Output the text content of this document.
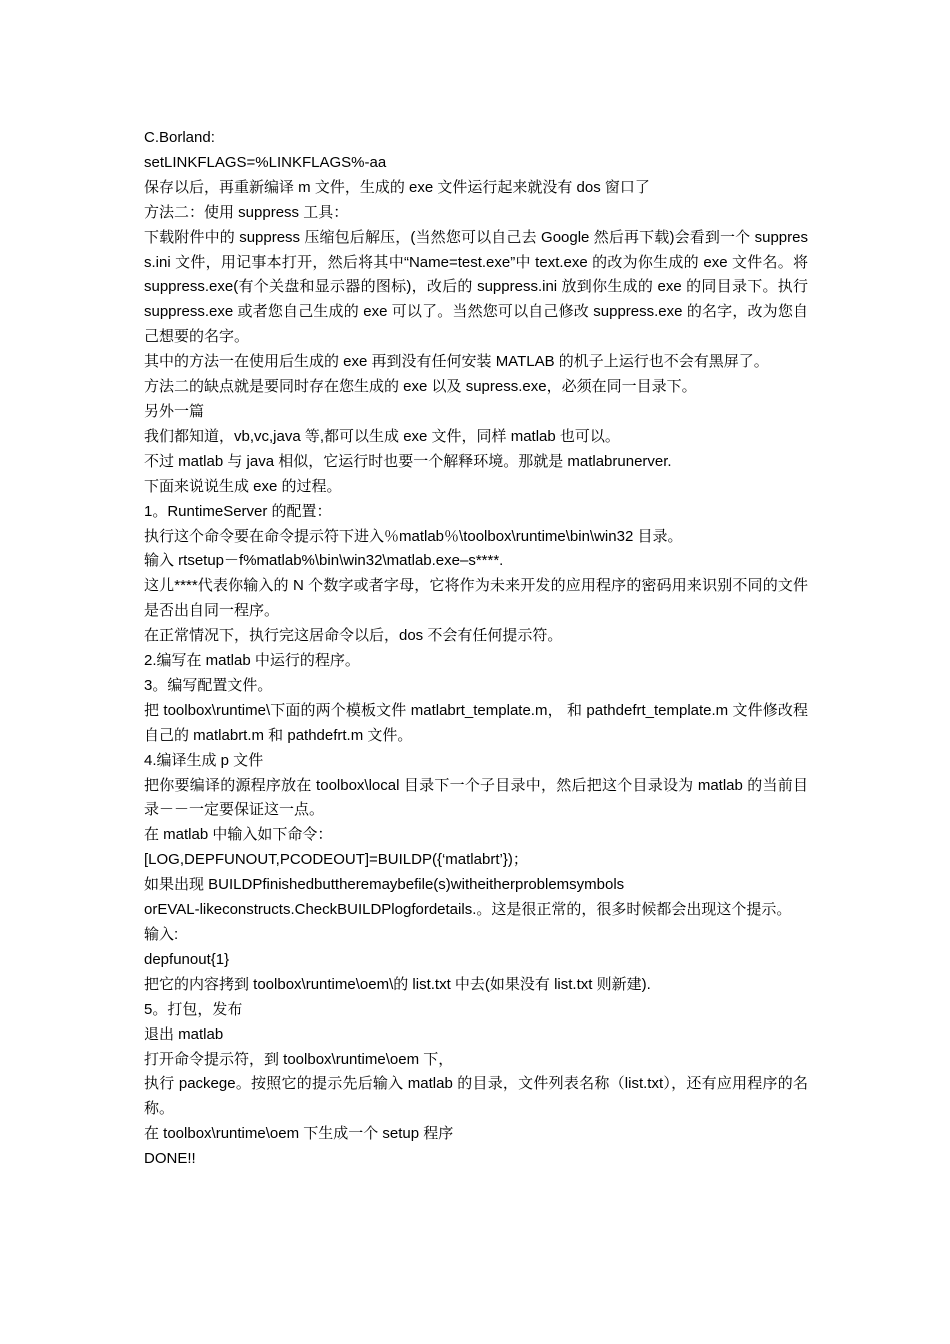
C.Borland:

setLINKFLAGS=%LINKFLAGS%-aa

保存以后，再重新编译 m 文件，生成的 exe 文件运行起来就没有 dos 窗口了

方法二：使用 suppress 工具：

下载附件中的 suppress 压缩包后解压，(当然您可以自己去 Google 然后再下载)会看到一个 suppress.ini 文件，用记事本打开，然后将其中“Name=test.exe”中 text.exe 的改为你生成的 exe 文件名。将 suppress.exe(有个关盘和显示器的图标)，改后的 suppress.ini 放到你生成的 exe 的同目录下。执行 suppress.exe 或者您自己生成的 exe 可以了。当然您可以自己修改 suppress.exe 的名字，改为您自己想要的名字。

其中的方法一在使用后生成的 exe 再到没有任何安装 MATLAB 的机子上运行也不会有黑屏了。

方法二的缺点就是要同时存在您生成的 exe 以及 supress.exe，必须在同一目录下。

另外一篇

我们都知道，vb,vc,java 等,都可以生成 exe 文件，同样 matlab 也可以。

不过 matlab 与 java 相似，它运行时也要一个解释环境。那就是 matlabrunerver.

下面来说说生成 exe 的过程。

1。RuntimeServer 的配置：

执行这个命令要在命令提示符下进入％matlab％\toolbox\runtime\bin\win32 目录。

输入 rtsetup－f%matlab%\bin\win32\matlab.exe–s****.

这儿****代表你输入的 N 个数字或者字母，它将作为未来开发的应用程序的密码用来识别不同的文件是否出自同一程序。

在正常情况下，执行完这居命令以后，dos 不会有任何提示符。

2.编写在 matlab 中运行的程序。

3。编写配置文件。

把 toolbox\runtime\下面的两个模板文件 matlabrt_template.m， 和 pathdefrt_template.m 文件修改程自己的 matlabrt.m 和 pathdefrt.m 文件。

4.编译生成 p 文件

把你要编译的源程序放在 toolbox\local 目录下一个子目录中，然后把这个目录设为 matlab 的当前目录－－一定要保证这一点。

在 matlab 中输入如下命令：

[LOG,DEPFUNOUT,PCODEOUT]=BUILDP({‘matlabrt’})；

如果出现 BUILDPfinishedbuttheremaybefile(s)witheitherproblemsymbols

orEVAL-likeconstructs.CheckBUILDPlogfordetails.。这是很正常的，很多时候都会出现这个提示。

输入:

depfunout{1}

把它的内容拷到 toolbox\runtime\oem\的 list.txt 中去(如果没有 list.txt 则新建).

5。打包，发布

退出 matlab

打开命令提示符，到 toolbox\runtime\oem 下，

执行 packege。按照它的提示先后输入 matlab 的目录，文件列表名称（list.txt），还有应用程序的名称。

在 toolbox\runtime\oem 下生成一个 setup 程序

DONE!!
